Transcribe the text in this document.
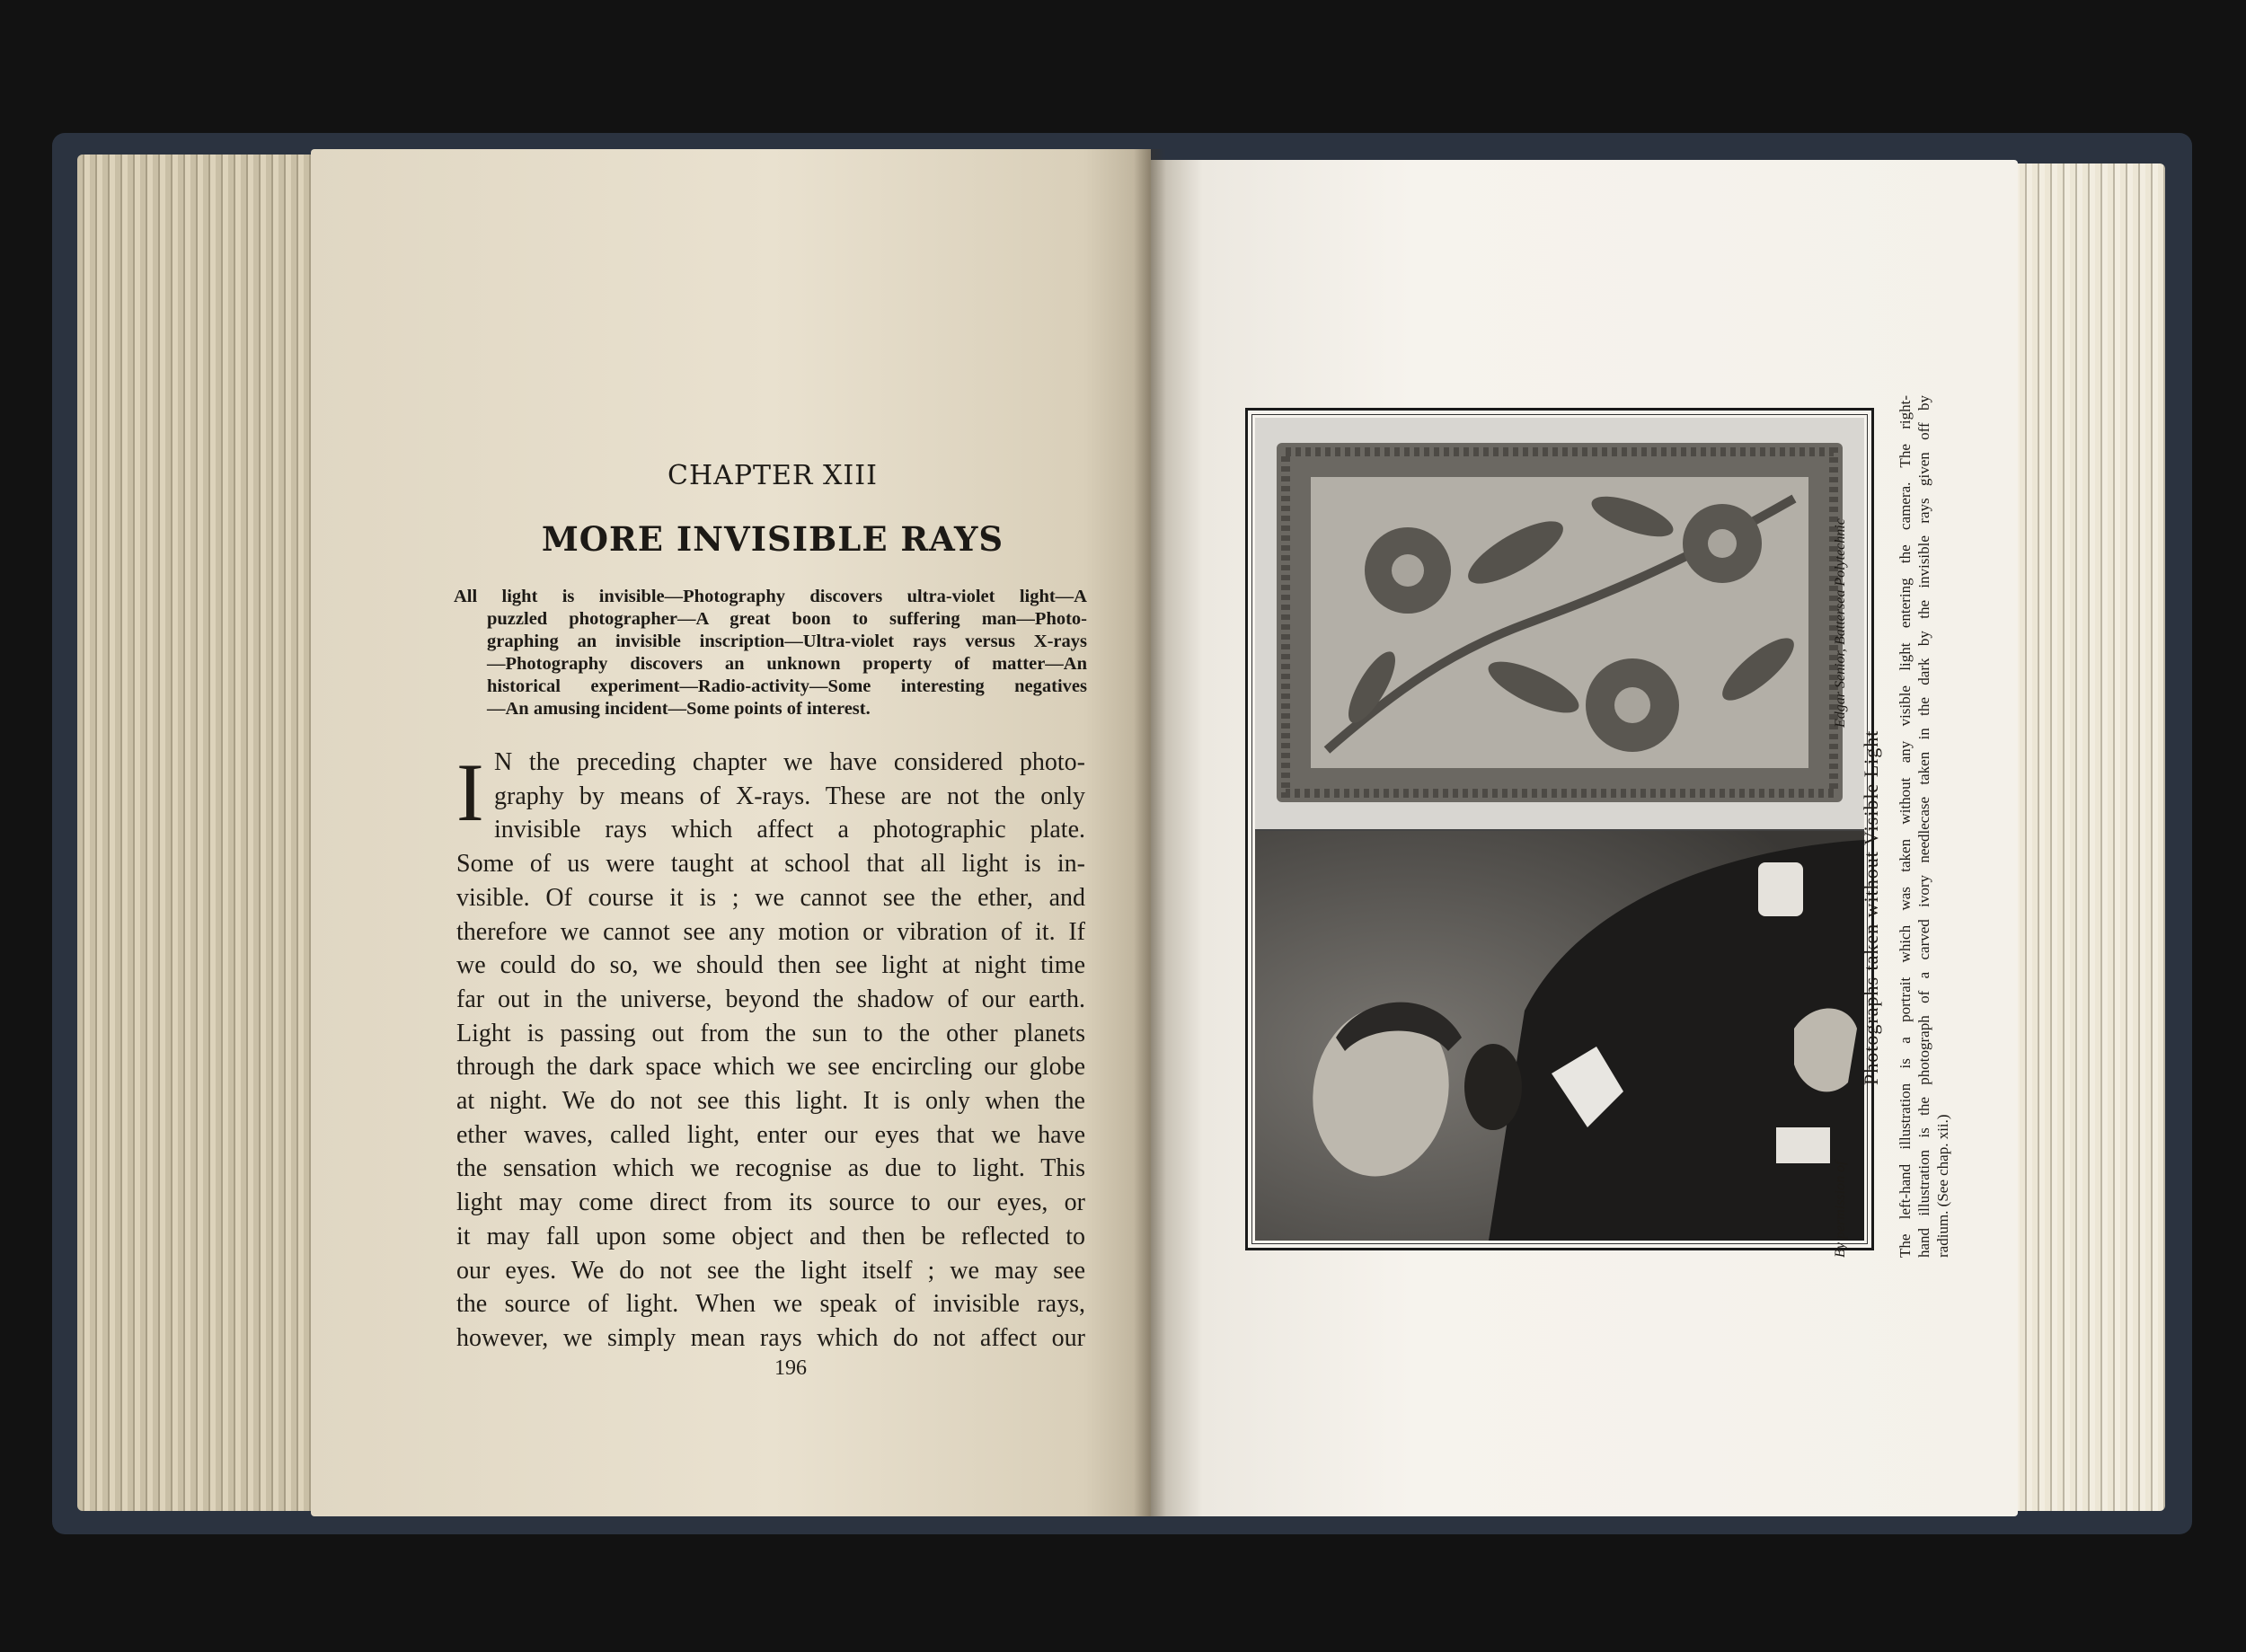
CHAPTER XIII
MORE INVISIBLE RAYS
All light is invisible—Photography discovers ultra-violet light—A
puzzled photographer—A great boon to suffering man—Photo-
graphing an invisible inscription—Ultra-violet rays versus X-rays
—Photography discovers an unknown property of matter—An
historical experiment—Radio-activity—Some interesting negatives
—An amusing incident—Some points of interest.
I N the preceding chapter we have considered photo-
graphy by means of X-rays. These are not the only
invisible rays which affect a photographic plate.
Some of us were taught at school that all light is in-
visible. Of course it is ; we cannot see the ether, and
therefore we cannot see any motion or vibration of it. If
we could do so, we should then see light at night time
far out in the universe, beyond the shadow of our earth.
Light is passing out from the sun to the other planets
through the dark space which we see encircling our globe
at night. We do not see this light. It is only when the
ether waves, called light, enter our eyes that we have
the sensation which we recognise as due to light. This
light may come direct from its source to our eyes, or
it may fall upon some object and then be reflected to
our eyes. We do not see the light itself ; we may see
the source of light. When we speak of invisible rays,
however, we simply mean rays which do not affect our
196
By permission of
Edgar Senior, Battersea Polytechnic
Photographs taken without Visible Light The left-hand illustration is a portrait which was taken without any visible light entering the camera. The right- hand illustration is the photograph of a carved ivory needlecase taken in the dark by the invisible rays given off by radium. (See chap. xii.)
